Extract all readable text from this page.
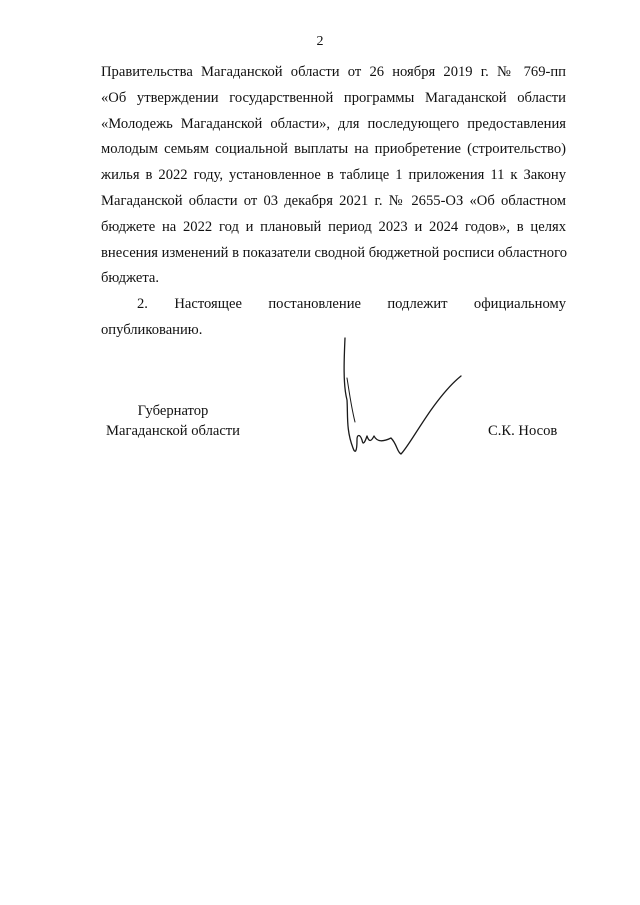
2
Правительства Магаданской области от 26 ноября 2019 г. № 769-пп
«Об утверждении государственной программы Магаданской области
«Молодежь Магаданской области», для последующего предоставления
молодым семьям социальной выплаты на приобретение (строительство)
жилья в 2022 году, установленное в таблице 1 приложения 11 к Закону
Магаданской области от 03 декабря 2021 г. № 2655-ОЗ «Об областном
бюджете на 2022 год и плановый период 2023 и 2024 годов», в целях
внесения изменений в показатели сводной бюджетной росписи областного
бюджета.
2. Настоящее постановление подлежит официальному
опубликованию.
Губернатор
Магаданской области	С.К. Носов
